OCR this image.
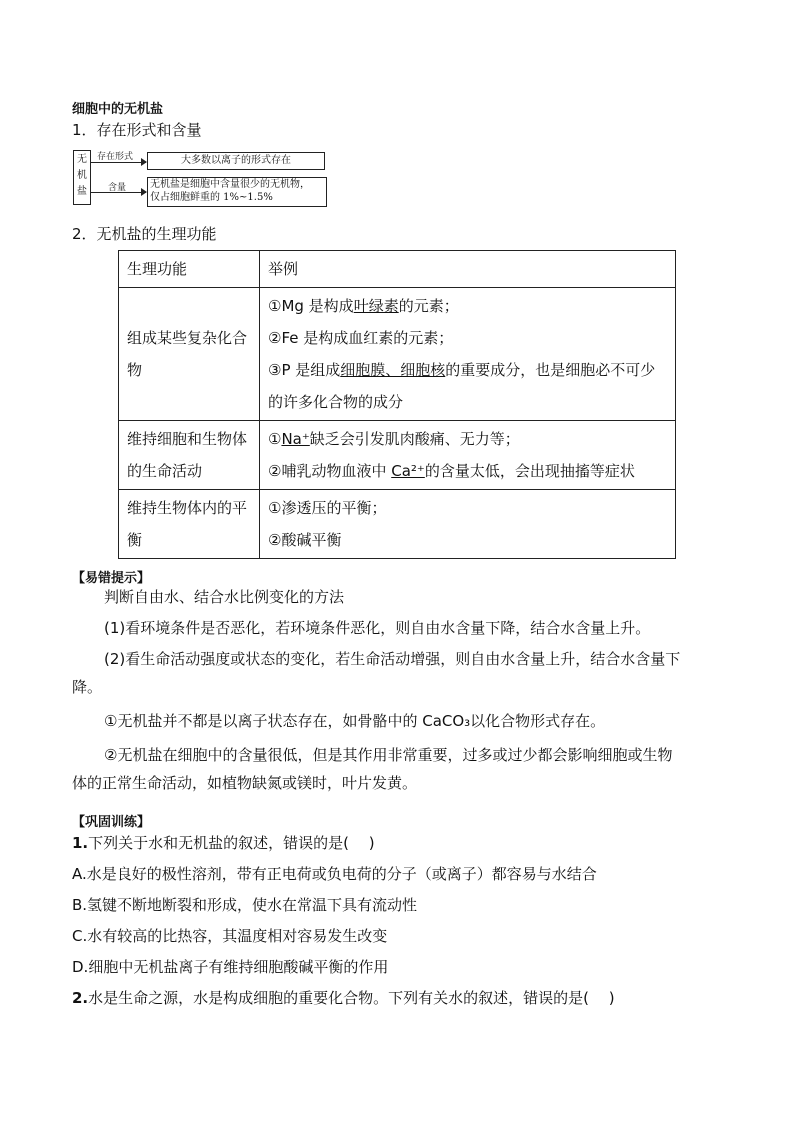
细胞中的无机盐
1．存在形式和含量
无机盐
存在形式	大多数以离子的形式存在
含量 无机盐是细胞中含量很少的无机物，
仅占细胞鲜重的 1%~1.5%
2．无机盐的生理功能
生理功能	举例
组成某些复杂化合物	①Mg 是构成叶绿素的元素；
②Fe 是构成血红素的元素；
③P 是组成细胞膜、细胞核的重要成分，也是细胞必不可少的许多化合物的成分

维持细胞和生物体的生命活动	①Na⁺缺乏会引发肌肉酸痛、无力等；
②哺乳动物血液中 Ca²⁺的含量太低，会出现抽搐等症状

维持生物体内的平衡	①渗透压的平衡；
②酸碱平衡
【易错提示】
判断自由水、结合水比例变化的方法
(1)看环境条件是否恶化，若环境条件恶化，则自由水含量下降，结合水含量上升。
(2)看生命活动强度或状态的变化，若生命活动增强，则自由水含量上升，结合水含量下
降。
①无机盐并不都是以离子状态存在，如骨骼中的 CaCO₃以化合物形式存在。
②无机盐在细胞中的含量很低，但是其作用非常重要，过多或过少都会影响细胞或生物
体的正常生命活动，如植物缺氮或镁时，叶片发黄。
【巩固训练】
1.下列关于水和无机盐的叙述，错误的是(　 )
A.水是良好的极性溶剂，带有正电荷或负电荷的分子（或离子）都容易与水结合
B.氢键不断地断裂和形成，使水在常温下具有流动性
C.水有较高的比热容，其温度相对容易发生改变
D.细胞中无机盐离子有维持细胞酸碱平衡的作用
2.水是生命之源，水是构成细胞的重要化合物。下列有关水的叙述，错误的是(　 )
